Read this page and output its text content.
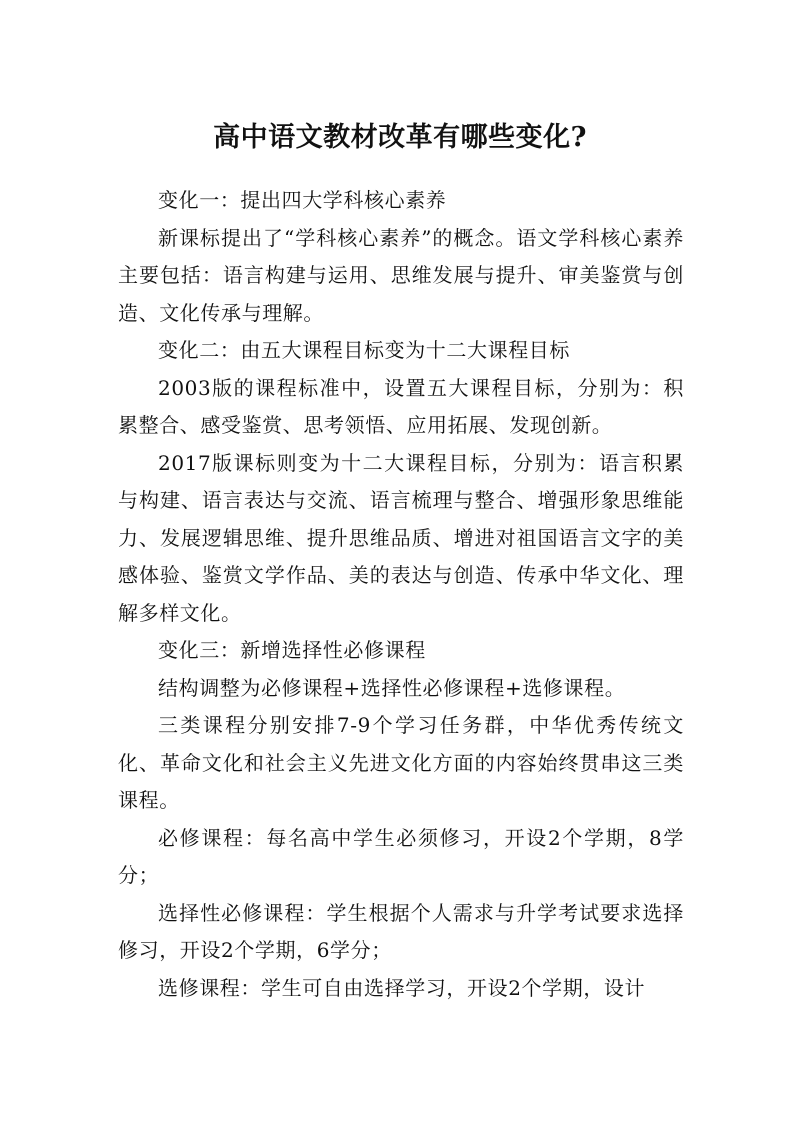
高中语文教材改革有哪些变化?

变化一：提出四大学科核心素养

新课标提出了“学科核心素养”的概念。语文学科核心素养主要包括：语言构建与运用、思维发展与提升、审美鉴赏与创造、文化传承与理解。

变化二：由五大课程目标变为十二大课程目标

2003版的课程标准中，设置五大课程目标，分别为：积累整合、感受鉴赏、思考领悟、应用拓展、发现创新。

2017版课标则变为十二大课程目标，分别为：语言积累与构建、语言表达与交流、语言梳理与整合、增强形象思维能力、发展逻辑思维、提升思维品质、增进对祖国语言文字的美感体验、鉴赏文学作品、美的表达与创造、传承中华文化、理解多样文化。

变化三：新增选择性必修课程

结构调整为必修课程+选择性必修课程+选修课程。

三类课程分别安排7-9个学习任务群，中华优秀传统文化、革命文化和社会主义先进文化方面的内容始终贯串这三类课程。

必修课程：每名高中学生必须修习，开设2个学期，8学分；

选择性必修课程：学生根据个人需求与升学考试要求选择修习，开设2个学期，6学分；

选修课程：学生可自由选择学习，开设2个学期，设计
